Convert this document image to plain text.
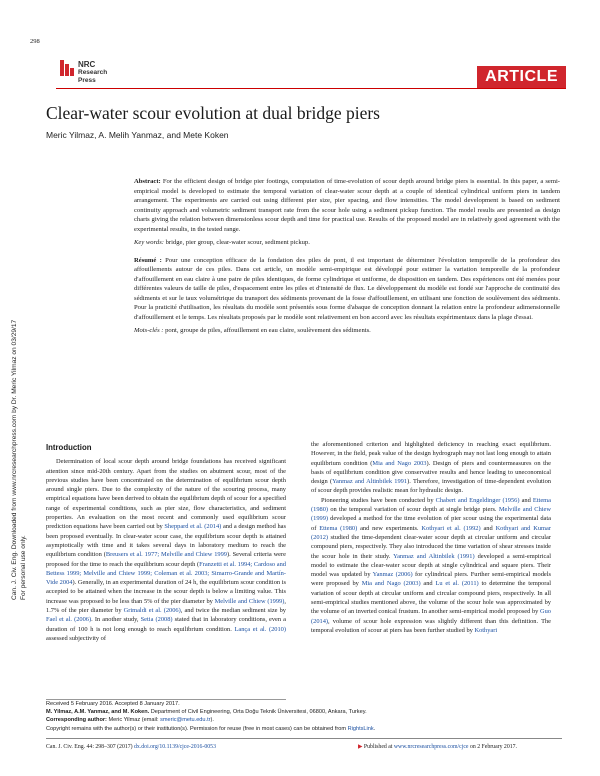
298
NRC
Research Press	ARTICLE
Clear-water scour evolution at dual bridge piers
Meric Yilmaz, A. Melih Yanmaz, and Mete Koken
Can. J. Civ. Eng. Downloaded from www.nrcresearchpress.com by Dr. Meric Yilmaz on 03/29/17 For personal use only.
Abstract: For the efficient design of bridge pier footings, computation of time-evolution of scour depth around bridge piers is essential. In this paper, a semi-empirical model is developed to estimate the temporal variation of clear-water scour depth at a couple of identical cylindrical uniform piers in tandem arrangement. The experiments are carried out using different pier size, pier spacing, and flow intensities. The model development is based on sediment continuity approach and volumetric sediment transport rate from the scour hole using a sediment pickup function. The model results are presented as design charts giving the relation between dimensionless scour depth and time for practical use. Results of the proposed model are in relatively good agreement with the experimental results, in the tested range.
Key words: bridge, pier group, clear-water scour, sediment pickup.
Résumé : Pour une conception efficace de la fondation des piles de pont, il est important de déterminer l'évolution temporelle de la profondeur des affouillements autour de ces piles. Dans cet article, un modèle semi-empirique est développé pour estimer la variation temporelle de la profondeur d'affouillement en eau claire à une paire de piles identiques, de forme cylindrique et uniforme, de disposition en tandem. Des expériences ont été menées pour différentes valeurs de taille de piles, d'espacement entre les piles et d'intensité de flux. Le développement du modèle est fondé sur l'approche de continuité des sédiments et sur le taux volumétrique du transport des sédiments provenant de la fosse d'affouillement, en utilisant une fonction de soulèvement des sédiments. Pour la praticité d'utilisation, les résultats du modèle sont présentés sous forme d'abaque de conception donnant la relation entre la profondeur adimensionnelle d'affouillement et le temps. Les résultats proposés par le modèle sont relativement en bon accord avec les résultats expérimentaux dans la plage d'essai.
Mots-clés : pont, groupe de piles, affouillement en eau claire, soulèvement des sédiments.
Introduction
Determination of local scour depth around bridge foundations has received significant attention since mid-20th century. Apart from the studies on abutment scour, most of the previous studies have been concentrated on the determination of equilibrium scour depth around single piers. Due to the complexity of the nature of the scouring process, many empirical equations have been derived to obtain the equilibrium depth of scour for a specified range of experimental conditions, such as pier size, flow characteristics, and sediment properties. An evaluation on the most recent and commonly used equilibrium scour prediction equations have been carried out by Sheppard et al. (2014) and a design method has been proposed eventually. In clear-water scour case, the equilibrium scour depth is attained asymptotically with time and it takes several days in laboratory medium to reach the equilibrium condition (Breusers et al. 1977; Melville and Chiew 1999). Several criteria were proposed for the time to reach the equilibrium scour depth (Franzetti et al. 1994; Cardoso and Bettess 1999; Melville and Chiew 1999; Coleman et al. 2003; Simarro-Grande and Martín-Vide 2004). Generally, in an experimental duration of 24 h, the equilibrium scour condition is accepted to be attained when the increase in the scour depth is below a limiting value. This increase was proposed to be less than 5% of the pier diameter by Melville and Chiew (1999), 1.7% of the pier diameter by Grimaldi et al. (2006), and twice the median sediment size by Fael et al. (2006). In another study, Setia (2008) stated that in laboratory conditions, even a duration of 100 h is not long enough to reach equilibrium condition. Lança et al. (2010) assessed subjectivity of
the aforementioned criterion and highlighted deficiency in reaching exact equilibrium. However, in the field, peak value of the design hydrograph may not last long enough to attain equilibrium condition (Mia and Nago 2003). Design of piers and countermeasures on the basis of equilibrium condition give conservative results and hence leading to uneconomical design (Yanmaz and Altinbilek 1991). Therefore, investigation of time-dependent evolution of scour depth provides realistic mean for hydraulic design.
Pioneering studies have been conducted by Chabert and Engeldinger (1956) and Ettema (1980) on the temporal variation of scour depth at single bridge piers. Melville and Chiew (1999) developed a method for the time evolution of pier scour using the experimental data of Ettema (1980) and new experiments. Kothyari et al. (1992) and Kothyari and Kumar (2012) studied the time-dependent clear-water scour depth at circular uniform and circular compound piers, respectively. They also introduced the time variation of shear stresses inside the scour hole in their study. Yanmaz and Altinbilek (1991) developed a semi-empirical model to estimate the clear-water scour depth at single cylindrical and square piers. Their model was updated by Yanmaz (2006) for cylindrical piers. Further semi-empirical models were proposed by Mia and Nago (2003) and Lu et al. (2011) to determine the temporal variation of scour depth at circular uniform and circular compound piers, respectively. In all semi-empirical studies mentioned above, the volume of the scour hole was approximated by the volume of an inverted conical frustum. In another semi-empirical model proposed by Guo (2014), volume of scour hole expression was slightly different than this definition. The temporal evolution of scour at piers has been further studied by Kothyari
Received 5 February 2016. Accepted 8 January 2017.
M. Yilmaz, A.M. Yanmaz, and M. Koken. Department of Civil Engineering, Orta Doğu Teknik Üniversitesi, 06800, Ankara, Turkey.
Corresponding author: Meric Yilmaz (email: smeric@metu.edu.tr).
Copyright remains with the author(s) or their institution(s). Permission for reuse (free in most cases) can be obtained from RightsLink.
Can. J. Civ. Eng. 44: 298–307 (2017) dx.doi.org/10.1139/cjce-2016-0053	▶ Published at www.nrcresearchpress.com/cjce on 2 February 2017.
